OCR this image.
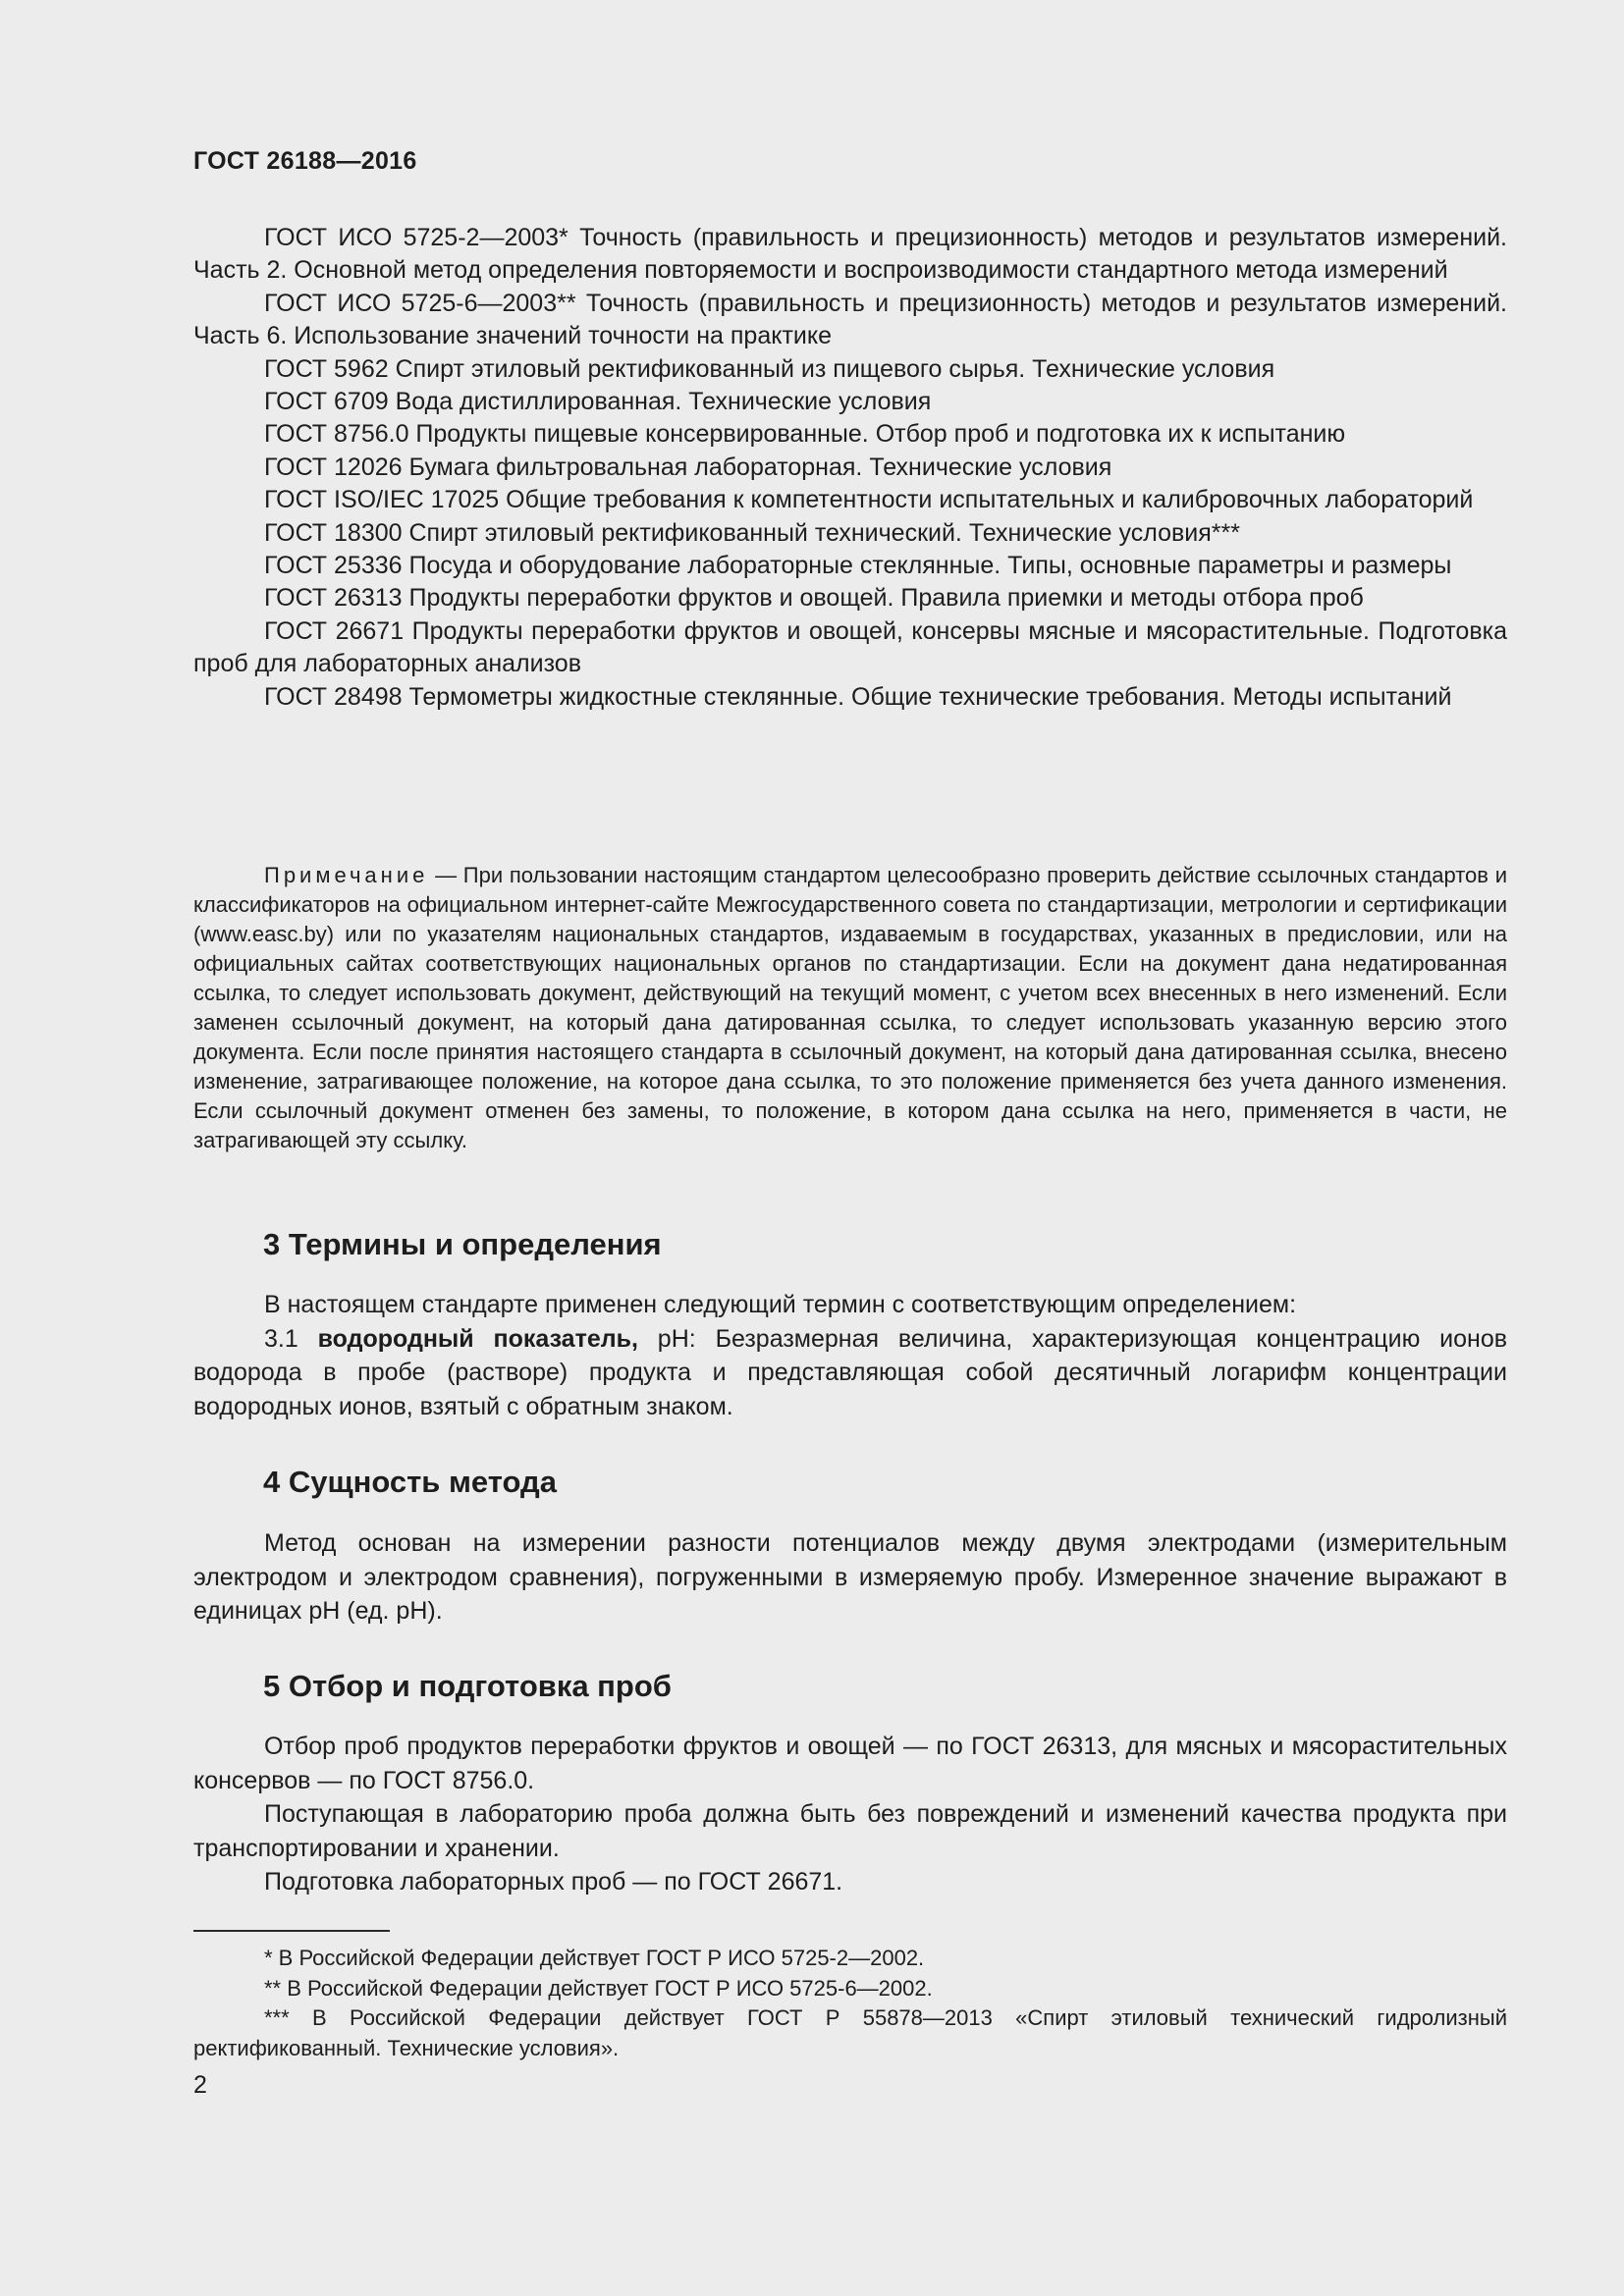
ГОСТ 26188—2016

ГОСТ ИСО 5725-2—2003* Точность (правильность и прецизионность) методов и результатов измерений. Часть 2. Основной метод определения повторяемости и воспроизводимости стандартного метода измерений

ГОСТ ИСО 5725-6—2003** Точность (правильность и прецизионность) методов и результатов измерений. Часть 6. Использование значений точности на практике

ГОСТ 5962 Спирт этиловый ректификованный из пищевого сырья. Технические условия

ГОСТ 6709 Вода дистиллированная. Технические условия

ГОСТ 8756.0 Продукты пищевые консервированные. Отбор проб и подготовка их к испытанию

ГОСТ 12026 Бумага фильтровальная лабораторная. Технические условия

ГОСТ ISO/IEC 17025 Общие требования к компетентности испытательных и калибровочных лабораторий

ГОСТ 18300 Спирт этиловый ректификованный технический. Технические условия***

ГОСТ 25336 Посуда и оборудование лабораторные стеклянные. Типы, основные параметры и размеры

ГОСТ 26313 Продукты переработки фруктов и овощей. Правила приемки и методы отбора проб

ГОСТ 26671 Продукты переработки фруктов и овощей, консервы мясные и мясорастительные. Подготовка проб для лабораторных анализов

ГОСТ 28498 Термометры жидкостные стеклянные. Общие технические требования. Методы испытаний

Примечание — При пользовании настоящим стандартом целесообразно проверить действие ссылочных стандартов и классификаторов на официальном интернет-сайте Межгосударственного совета по стандартизации, метрологии и сертификации (www.easc.by) или по указателям национальных стандартов, издаваемым в государствах, указанных в предисловии, или на официальных сайтах соответствующих национальных органов по стандартизации. Если на документ дана недатированная ссылка, то следует использовать документ, действующий на текущий момент, с учетом всех внесенных в него изменений. Если заменен ссылочный документ, на который дана датированная ссылка, то следует использовать указанную версию этого документа. Если после принятия настоящего стандарта в ссылочный документ, на который дана датированная ссылка, внесено изменение, затрагивающее положение, на которое дана ссылка, то это положение применяется без учета данного изменения. Если ссылочный документ отменен без замены, то положение, в котором дана ссылка на него, применяется в части, не затрагивающей эту ссылку.

3 Термины и определения

В настоящем стандарте применен следующий термин с соответствующим определением:

3.1 водородный показатель, pH: Безразмерная величина, характеризующая концентрацию ионов водорода в пробе (растворе) продукта и представляющая собой десятичный логарифм концентрации водородных ионов, взятый с обратным знаком.

4 Сущность метода

Метод основан на измерении разности потенциалов между двумя электродами (измерительным электродом и электродом сравнения), погруженными в измеряемую пробу. Измеренное значение выражают в единицах pH (ед. pH).

5 Отбор и подготовка проб

Отбор проб продуктов переработки фруктов и овощей — по ГОСТ 26313, для мясных и мясорастительных консервов — по ГОСТ 8756.0.

Поступающая в лабораторию проба должна быть без повреждений и изменений качества продукта при транспортировании и хранении.

Подготовка лабораторных проб — по ГОСТ 26671.

* В Российской Федерации действует ГОСТ Р ИСО 5725-2—2002.

** В Российской Федерации действует ГОСТ Р ИСО 5725-6—2002.

*** В Российской Федерации действует ГОСТ Р 55878—2013 «Спирт этиловый технический гидролизный ректификованный. Технические условия».

2
